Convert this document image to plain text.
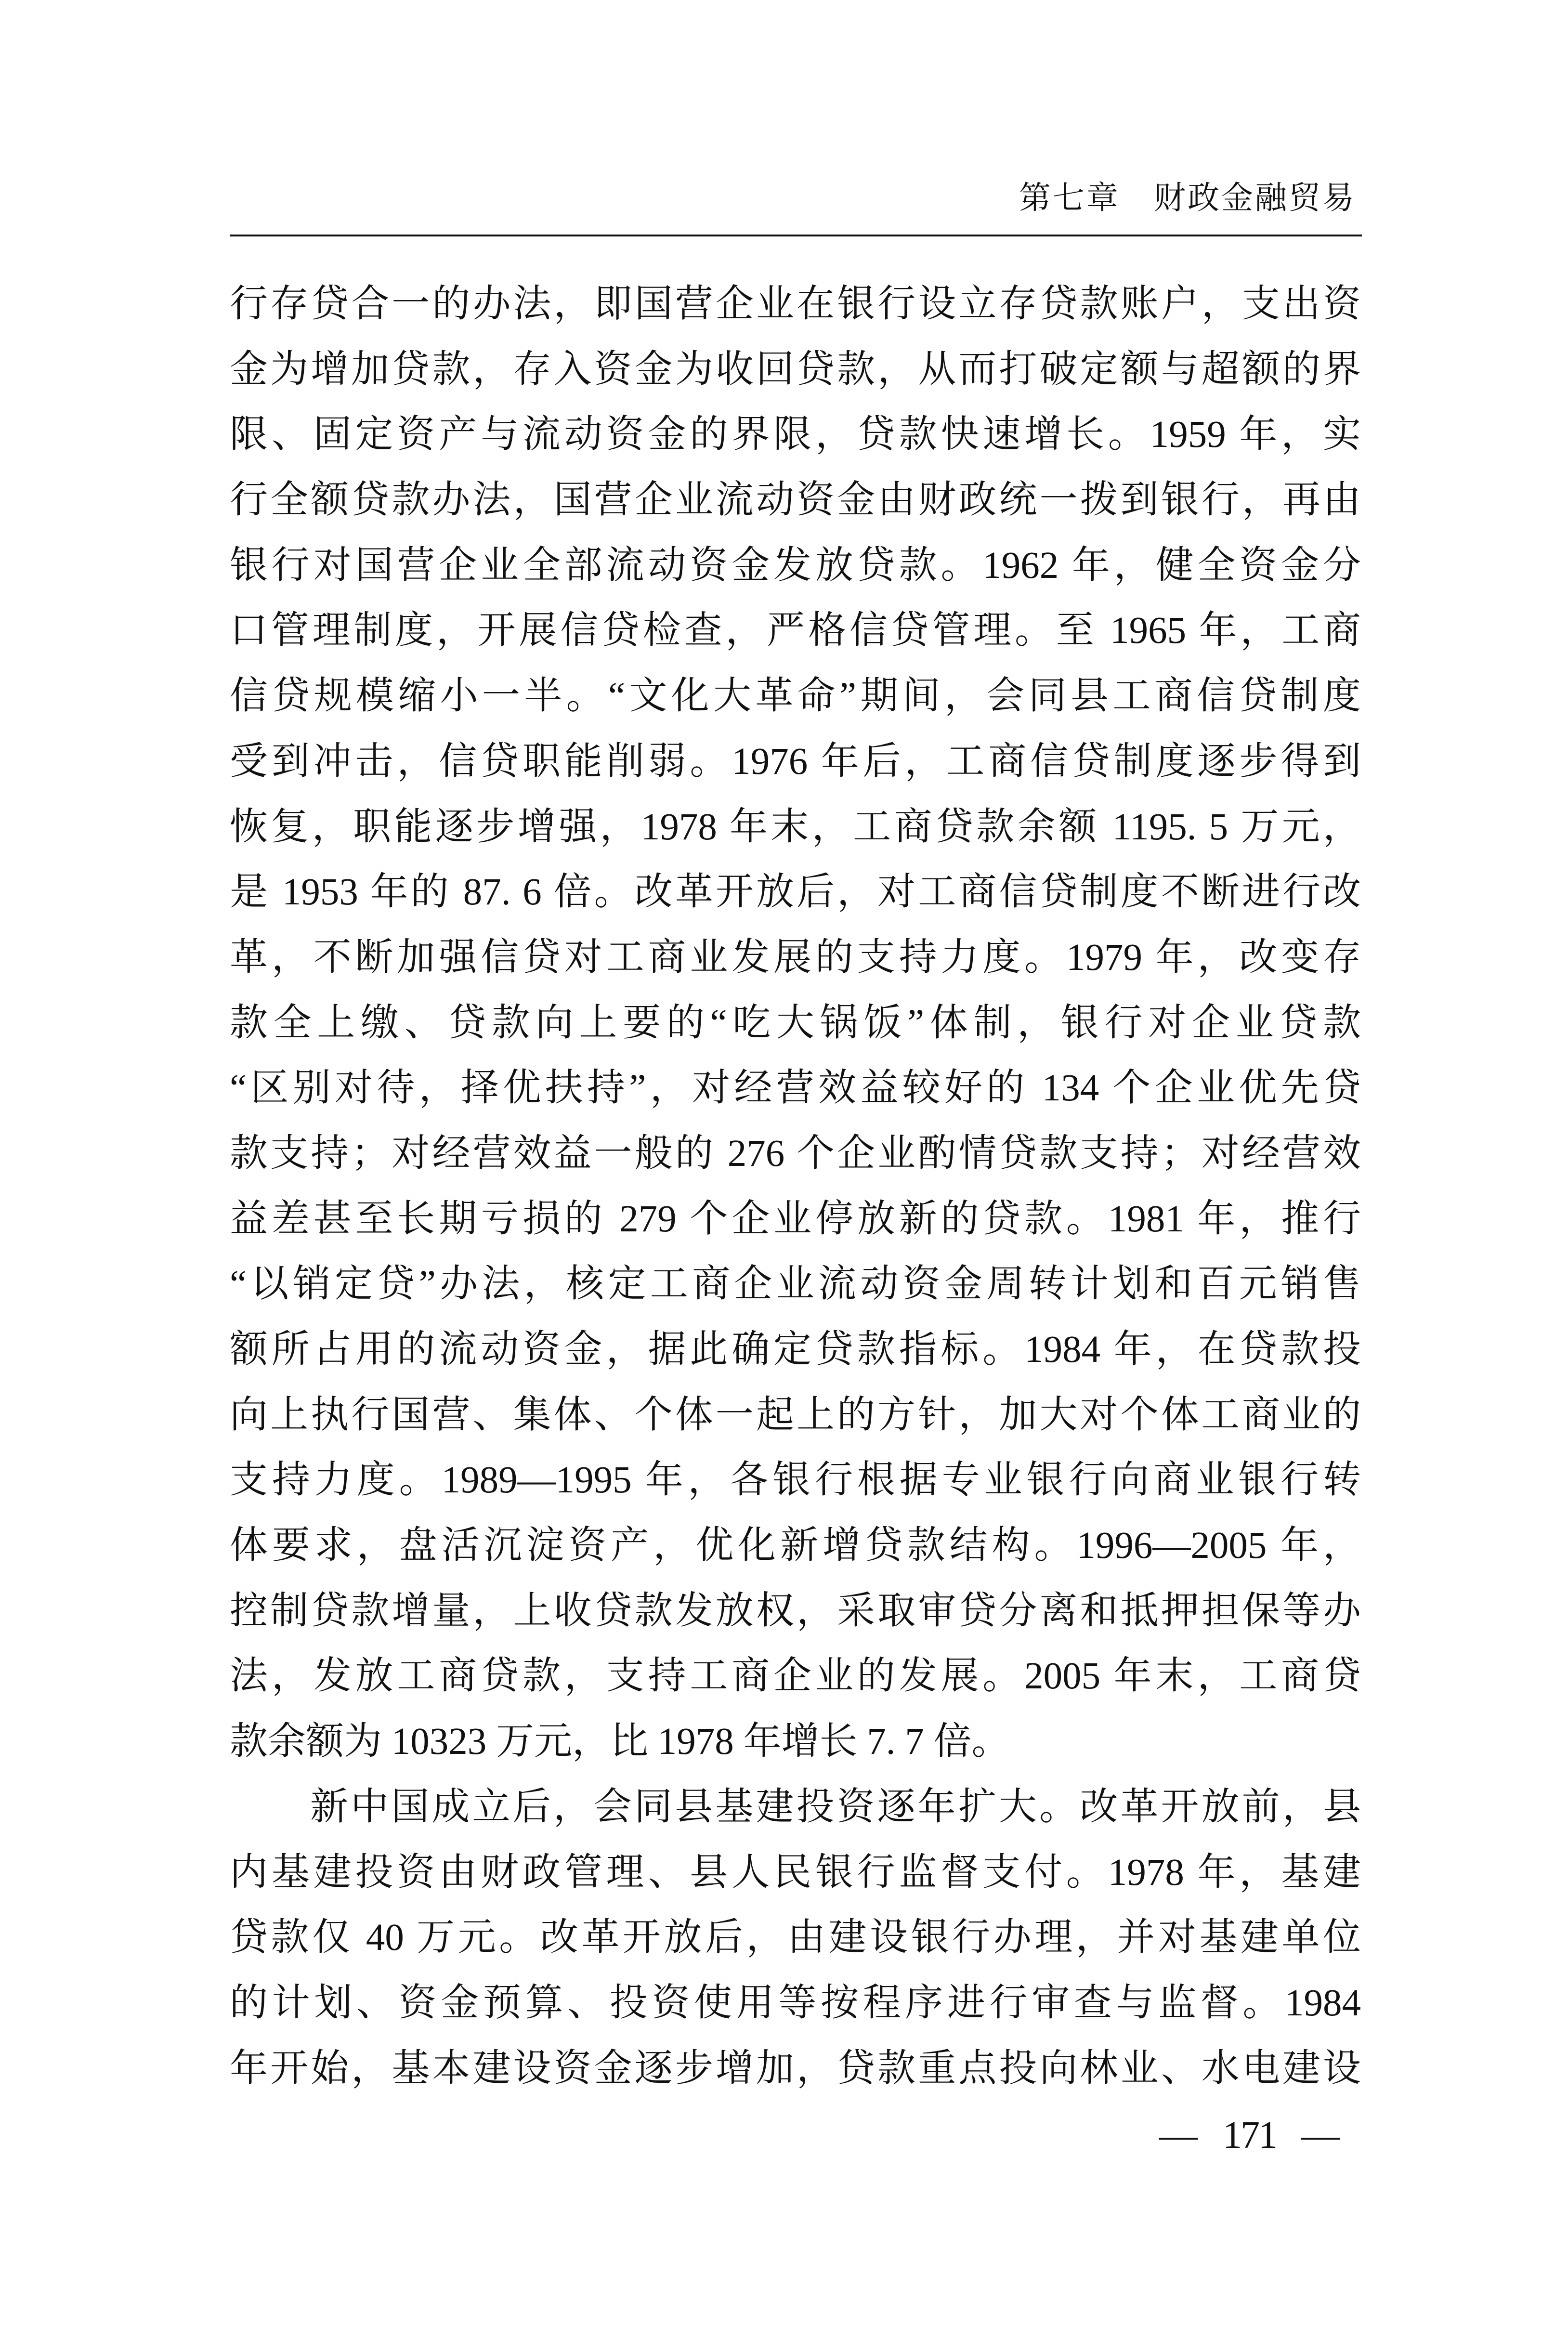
第七章 财政金融贸易
行存贷合一的办法，即国营企业在银行设立存贷款账户，支出资
金为增加贷款，存入资金为收回贷款，从而打破定额与超额的界
限、固定资产与流动资金的界限，贷款快速增长。1959 年，实
行全额贷款办法，国营企业流动资金由财政统一拨到银行，再由
银行对国营企业全部流动资金发放贷款。1962 年，健全资金分
口管理制度，开展信贷检查，严格信贷管理。至 1965 年，工商
信贷规模缩小一半。“文化大革命”期间，会同县工商信贷制度
受到冲击，信贷职能削弱。1976 年后，工商信贷制度逐步得到
恢复，职能逐步增强，1978 年末，工商贷款余额 1195. 5 万元，
是 1953 年的 87. 6 倍。改革开放后，对工商信贷制度不断进行改
革，不断加强信贷对工商业发展的支持力度。1979 年，改变存
款全上缴、贷款向上要的“吃大锅饭”体制，银行对企业贷款
“区别对待，择优扶持”，对经营效益较好的 134 个企业优先贷
款支持；对经营效益一般的 276 个企业酌情贷款支持；对经营效
益差甚至长期亏损的 279 个企业停放新的贷款。1981 年，推行
“以销定贷”办法，核定工商企业流动资金周转计划和百元销售
额所占用的流动资金，据此确定贷款指标。1984 年，在贷款投
向上执行国营、集体、个体一起上的方针，加大对个体工商业的
支持力度。1989—1995 年，各银行根据专业银行向商业银行转
体要求，盘活沉淀资产，优化新增贷款结构。1996—2005 年，
控制贷款增量，上收贷款发放权，采取审贷分离和抵押担保等办
法，发放工商贷款，支持工商企业的发展。2005 年末，工商贷
款余额为 10323 万元，比 1978 年增长 7. 7 倍。
新中国成立后，会同县基建投资逐年扩大。改革开放前，县
内基建投资由财政管理、县人民银行监督支付。1978 年，基建
贷款仅 40 万元。改革开放后，由建设银行办理，并对基建单位
的计划、资金预算、投资使用等按程序进行审查与监督。1984
年开始，基本建设资金逐步增加，贷款重点投向林业、水电建设
— 171 —
